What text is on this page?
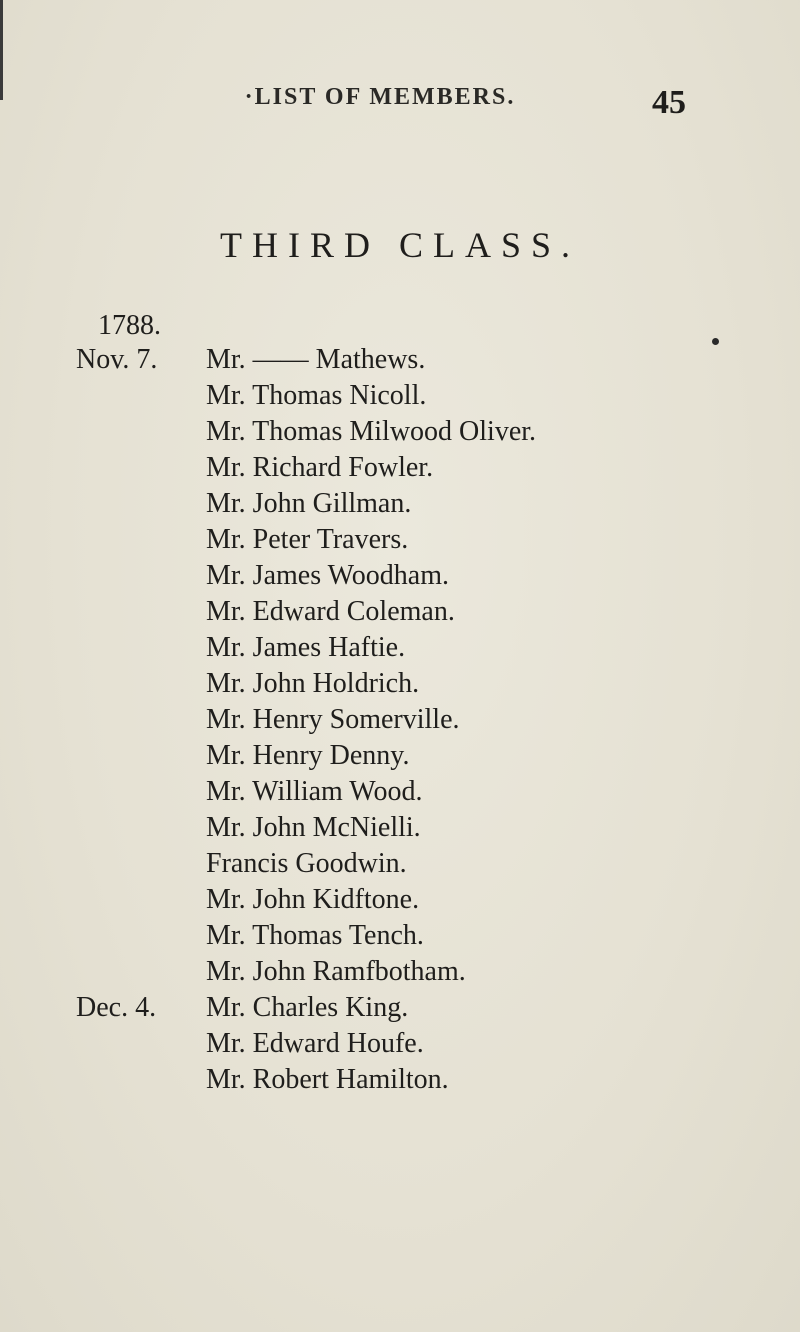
·LIST OF MEMBERS.	45
THIRD CLASS.
1788.
Nov. 7.	Mr. —— Mathews.
Mr. Thomas Nicoll.
Mr. Thomas Milwood Oliver.
Mr. Richard Fowler.
Mr. John Gillman.
Mr. Peter Travers.
Mr. James Woodham.
Mr. Edward Coleman.
Mr. James Haftie.
Mr. John Holdrich.
Mr. Henry Somerville.
Mr. Henry Denny.
Mr. William Wood.
Mr. John McNielli.
Francis Goodwin.
Mr. John Kidftone.
Mr. Thomas Tench.
Mr. John Ramfbotham.
Dec. 4.	Mr. Charles King.
Mr. Edward Houfe.
Mr. Robert Hamilton.
